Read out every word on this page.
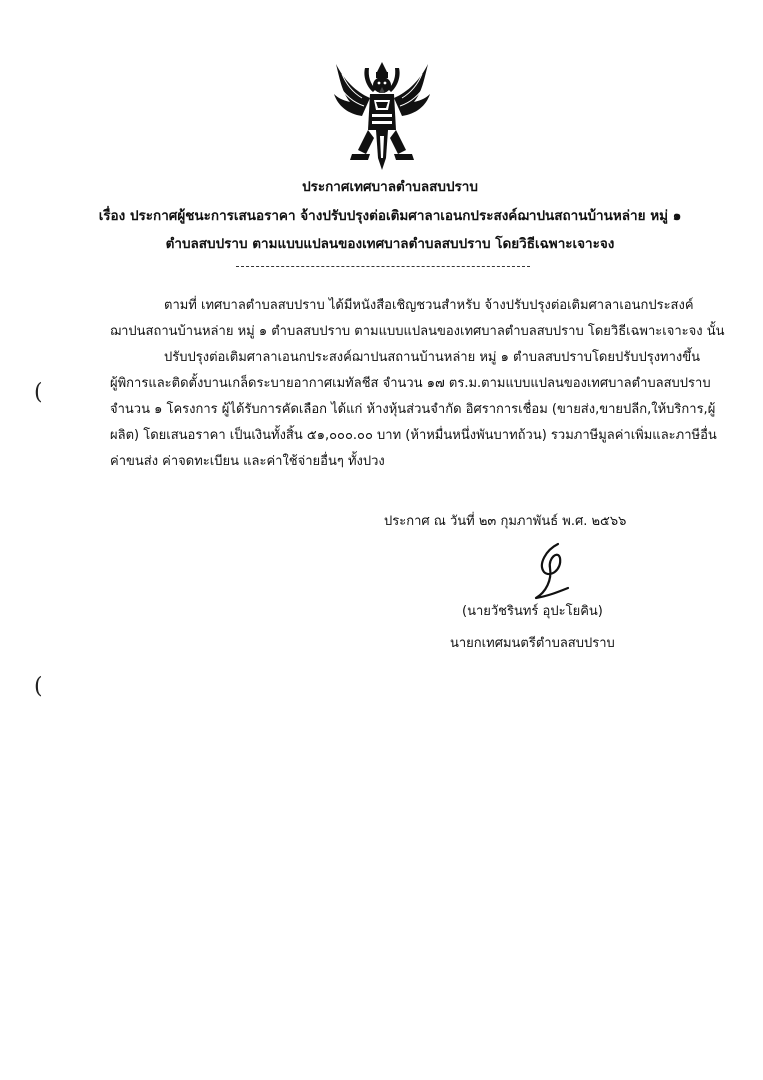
ประกาศเทศบาลตำบลสบปราบ
เรื่อง ประกาศผู้ชนะการเสนอราคา จ้างปรับปรุงต่อเติมศาลาเอนกประสงค์ฌาปนสถานบ้านหล่าย หมู่ ๑
ตำบลสบปราบ ตามแบบแปลนของเทศบาลตำบลสบปราบ โดยวิธีเฉพาะเจาะจง
ตามที่ เทศบาลตำบลสบปราบ ได้มีหนังสือเชิญชวนสำหรับ จ้างปรับปรุงต่อเติมศาลาเอนกประสงค์
ฌาปนสถานบ้านหล่าย หมู่ ๑ ตำบลสบปราบ ตามแบบแปลนของเทศบาลตำบลสบปราบ โดยวิธีเฉพาะเจาะจง นั้น
ปรับปรุงต่อเติมศาลาเอนกประสงค์ฌาปนสถานบ้านหล่าย หมู่ ๑ ตำบลสบปราบโดยปรับปรุงทางขึ้น
ผู้พิการและติดตั้งบานเกล็ดระบายอากาศเมทัลชีส จำนวน ๑๗ ตร.ม.ตามแบบแปลนของเทศบาลตำบลสบปราบ
จำนวน ๑ โครงการ ผู้ได้รับการคัดเลือก ได้แก่ ห้างหุ้นส่วนจำกัด อิศราการเชื่อม (ขายส่ง,ขายปลีก,ให้บริการ,ผู้
ผลิต) โดยเสนอราคา เป็นเงินทั้งสิ้น ๕๑,๐๐๐.๐๐ บาท (ห้าหมื่นหนึ่งพันบาทถ้วน) รวมภาษีมูลค่าเพิ่มและภาษีอื่น
ค่าขนส่ง ค่าจดทะเบียน และค่าใช้จ่ายอื่นๆ ทั้งปวง
(
(
ประกาศ ณ วันที่ ๒๓ กุมภาพันธ์ พ.ศ. ๒๕๖๖
(นายวัชรินทร์ อุปะโยคิน)
นายกเทศมนตรีตำบลสบปราบ
